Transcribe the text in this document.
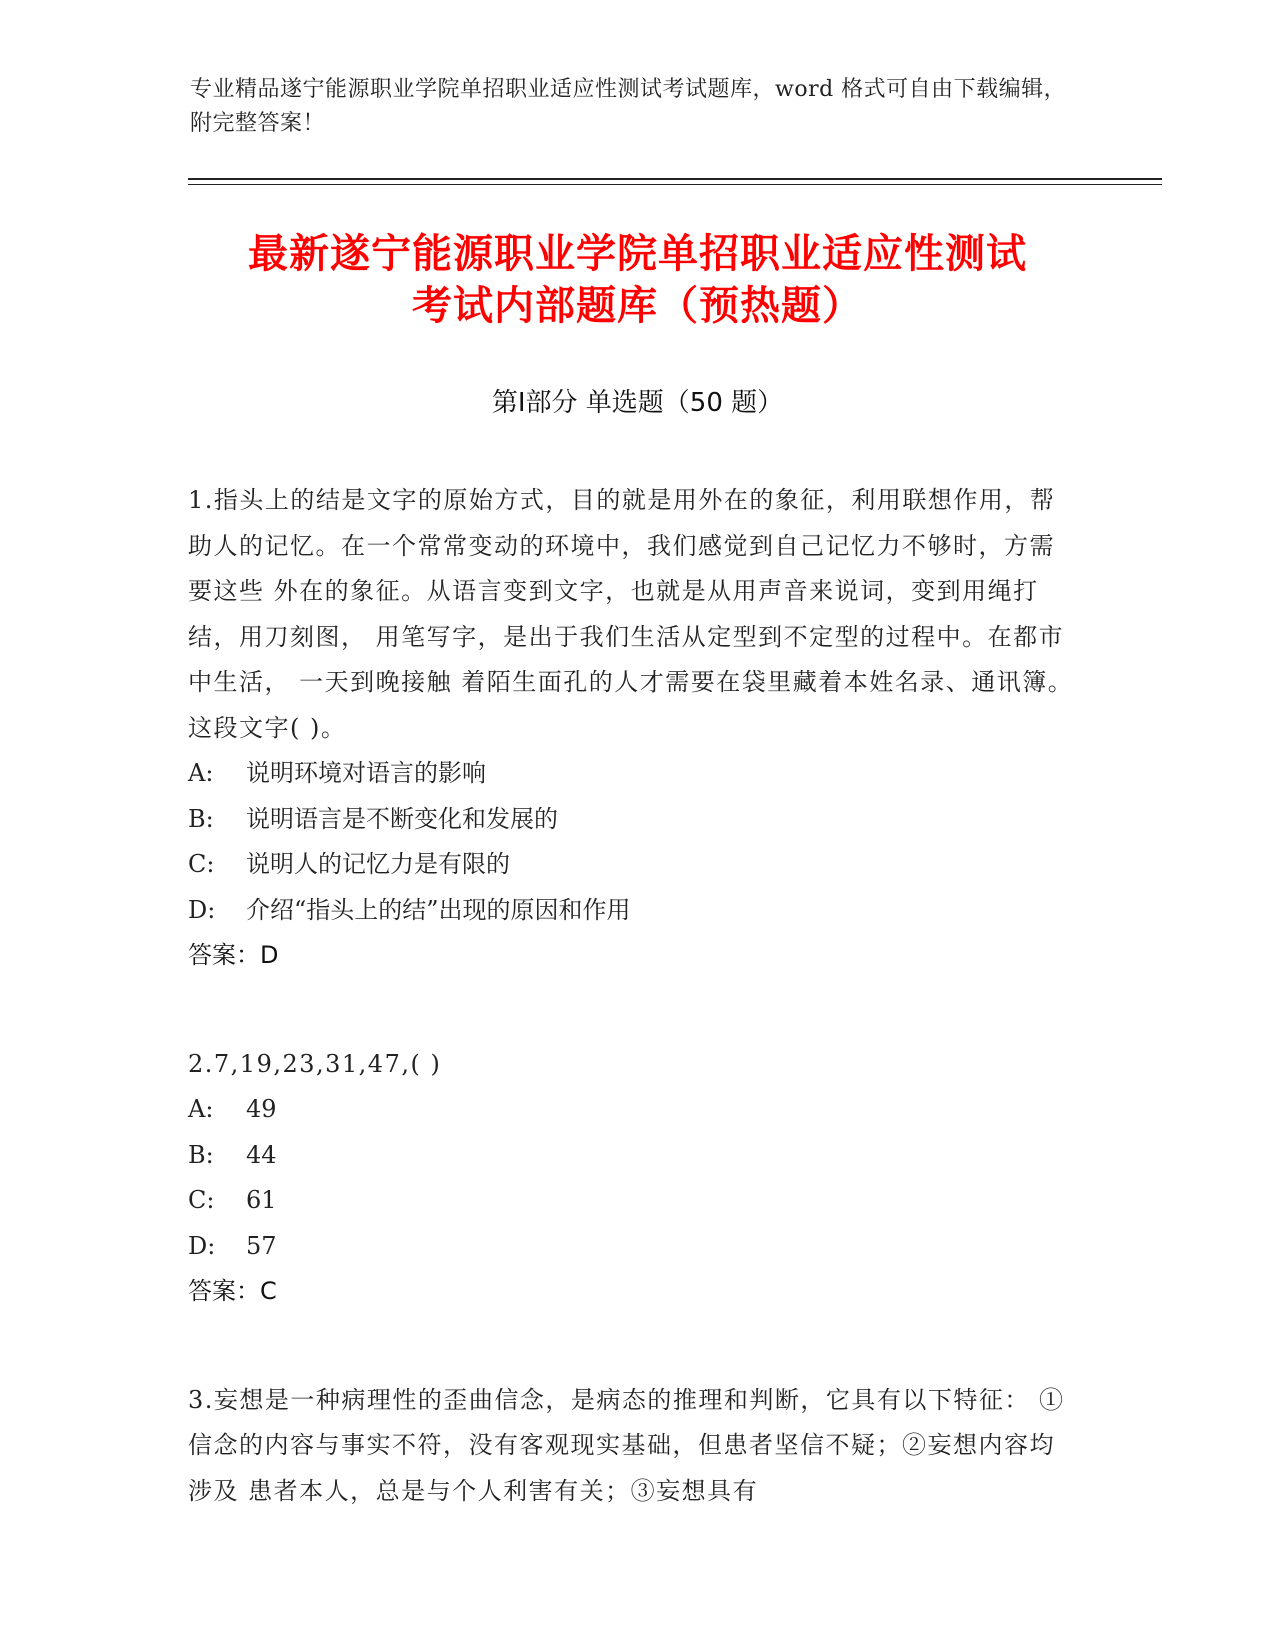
专业精品遂宁能源职业学院单招职业适应性测试考试题库，word 格式可自由下载编辑，附完整答案！
最新遂宁能源职业学院单招职业适应性测试
考试内部题库（预热题）
第Ⅰ部分 单选题（50 题）
1.指头上的结是文字的原始方式，目的就是用外在的象征，利用联想作用，帮 助人的记忆。在一个常常变动的环境中，我们感觉到自己记忆力不够时，方需要这些 外在的象征。从语言变到文字，也就是从用声音来说词，变到用绳打结，用刀刻图， 用笔写字，是出于我们生活从定型到不定型的过程中。在都市中生活， 一天到晚接触 着陌生面孔的人才需要在袋里藏着本姓名录、通讯簿。这段文字( )。
A:	说明环境对语言的影响
B:	说明语言是不断变化和发展的
C:	说明人的记忆力是有限的
D:	介绍“指头上的结”出现的原因和作用
答案：D
2.7,19,23,31,47,( )
A:	49
B:	44
C:	61
D:	57
答案：C
3.妄想是一种病理性的歪曲信念，是病态的推理和判断，它具有以下特征： ①信念的内容与事实不符，没有客观现实基础，但患者坚信不疑；②妄想内容均涉及 患者本人，总是与个人利害有关；③妄想具有
